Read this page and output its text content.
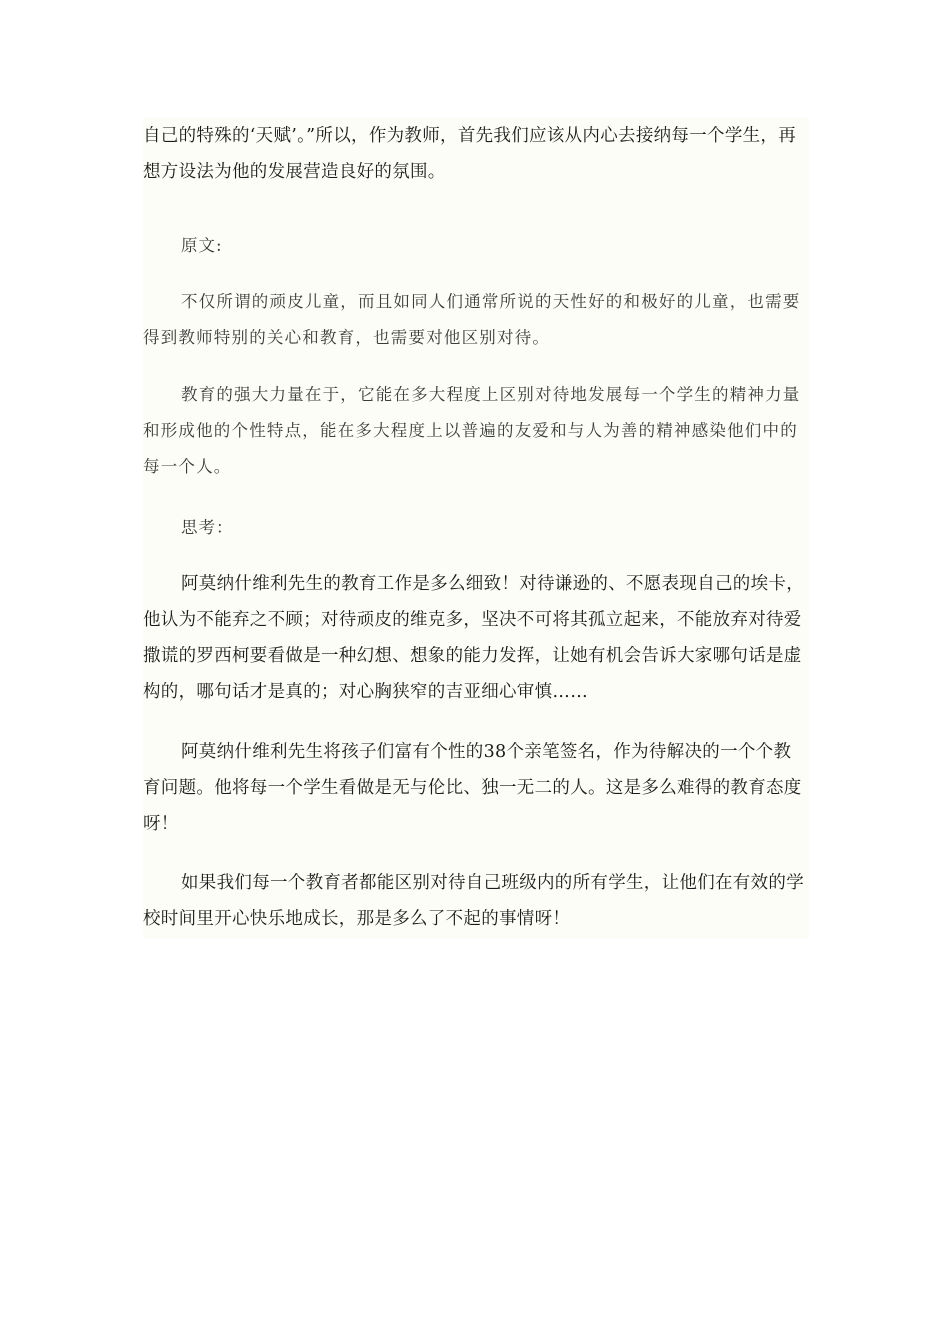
自己的特殊的‘天赋’。”所以，作为教师，首先我们应该从内心去接纳每一个学生，再想方设法为他的发展营造良好的氛围。

原文:

不仅所谓的顽皮儿童，而且如同人们通常所说的天性好的和极好的儿童，也需要得到教师特别的关心和教育，也需要对他区别对待。

教育的强大力量在于，它能在多大程度上区别对待地发展每一个学生的精神力量和形成他的个性特点，能在多大程度上以普遍的友爱和与人为善的精神感染他们中的每一个人。

思考：

阿莫纳什维利先生的教育工作是多么细致！对待谦逊的、不愿表现自己的埃卡，他认为不能弃之不顾；对待顽皮的维克多，坚决不可将其孤立起来，不能放弃对待爱撒谎的罗西柯要看做是一种幻想、想象的能力发挥，让她有机会告诉大家哪句话是虚构的，哪句话才是真的；对心胸狭窄的吉亚细心审慎……

阿莫纳什维利先生将孩子们富有个性的38个亲笔签名，作为待解决的一个个教育问题。他将每一个学生看做是无与伦比、独一无二的人。这是多么难得的教育态度呀！

如果我们每一个教育者都能区别对待自己班级内的所有学生，让他们在有效的学校时间里开心快乐地成长，那是多么了不起的事情呀！
